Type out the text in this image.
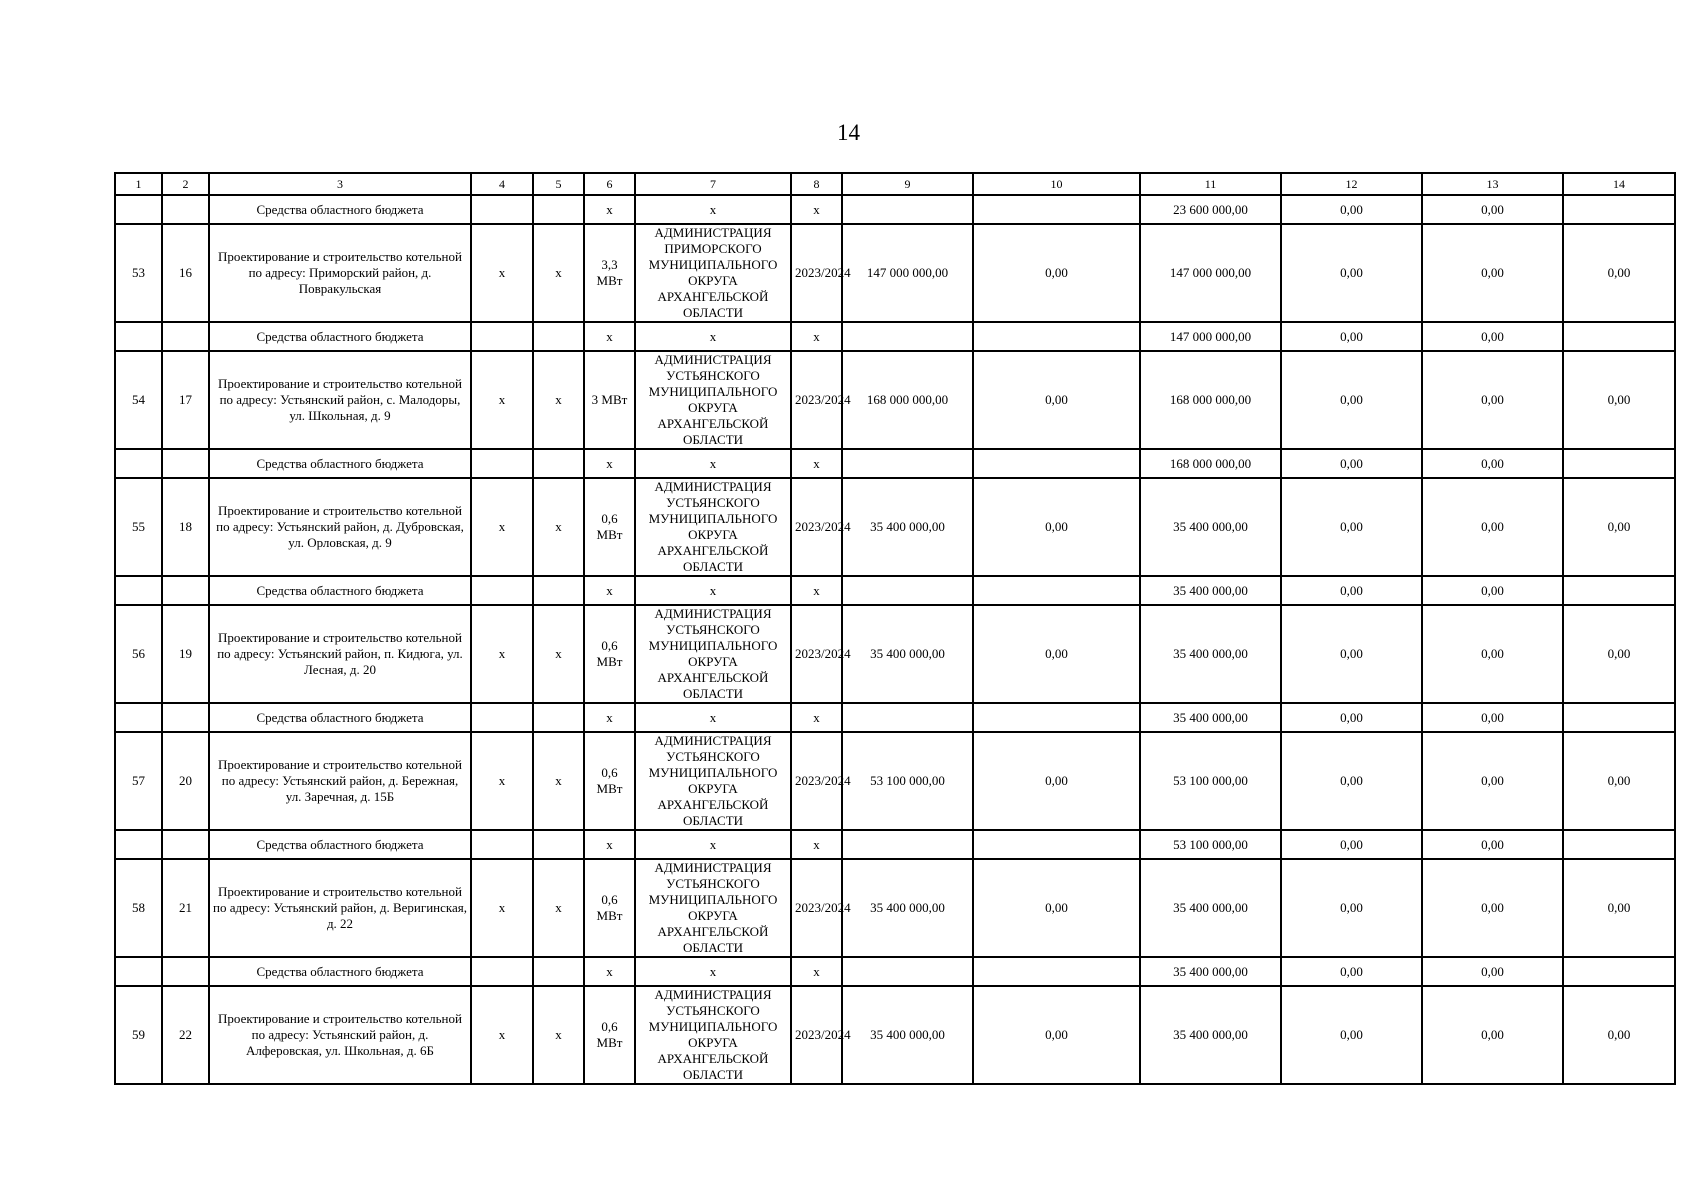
14
1	2	3	4	5	6	7	8	9	10	11	12	13	14
		Средства областного бюджета			x	x	x			23 600 000,00	0,00	0,00	
53	16	Проектирование и строительство котельной по адресу: Приморский район, д. Повракульская	x	x	3,3 МВт	АДМИНИСТРАЦИЯ ПРИМОРСКОГО МУНИЦИПАЛЬНОГО ОКРУГА АРХАНГЕЛЬСКОЙ ОБЛАСТИ	2023/2024	147 000 000,00	0,00	147 000 000,00	0,00	0,00	0,00
		Средства областного бюджета			x	x	x			147 000 000,00	0,00	0,00	
54	17	Проектирование и строительство котельной по адресу: Устьянский район, с. Малодоры, ул. Школьная, д. 9	x	x	3 МВт	АДМИНИСТРАЦИЯ УСТЬЯНСКОГО МУНИЦИПАЛЬНОГО ОКРУГА АРХАНГЕЛЬСКОЙ ОБЛАСТИ	2023/2024	168 000 000,00	0,00	168 000 000,00	0,00	0,00	0,00
		Средства областного бюджета			x	x	x			168 000 000,00	0,00	0,00	
55	18	Проектирование и строительство котельной по адресу: Устьянский район, д. Дубровская, ул. Орловская, д. 9	x	x	0,6 МВт	АДМИНИСТРАЦИЯ УСТЬЯНСКОГО МУНИЦИПАЛЬНОГО ОКРУГА АРХАНГЕЛЬСКОЙ ОБЛАСТИ	2023/2024	35 400 000,00	0,00	35 400 000,00	0,00	0,00	0,00
		Средства областного бюджета			x	x	x			35 400 000,00	0,00	0,00	
56	19	Проектирование и строительство котельной по адресу: Устьянский район, п. Кидюга, ул. Лесная, д. 20	x	x	0,6 МВт	АДМИНИСТРАЦИЯ УСТЬЯНСКОГО МУНИЦИПАЛЬНОГО ОКРУГА АРХАНГЕЛЬСКОЙ ОБЛАСТИ	2023/2024	35 400 000,00	0,00	35 400 000,00	0,00	0,00	0,00
		Средства областного бюджета			x	x	x			35 400 000,00	0,00	0,00	
57	20	Проектирование и строительство котельной по адресу: Устьянский район, д. Бережная, ул. Заречная, д. 15Б	x	x	0,6 МВт	АДМИНИСТРАЦИЯ УСТЬЯНСКОГО МУНИЦИПАЛЬНОГО ОКРУГА АРХАНГЕЛЬСКОЙ ОБЛАСТИ	2023/2024	53 100 000,00	0,00	53 100 000,00	0,00	0,00	0,00
		Средства областного бюджета			x	x	x			53 100 000,00	0,00	0,00	
58	21	Проектирование и строительство котельной по адресу: Устьянский район, д. Веригинская, д. 22	x	x	0,6 МВт	АДМИНИСТРАЦИЯ УСТЬЯНСКОГО МУНИЦИПАЛЬНОГО ОКРУГА АРХАНГЕЛЬСКОЙ ОБЛАСТИ	2023/2024	35 400 000,00	0,00	35 400 000,00	0,00	0,00	0,00
		Средства областного бюджета			x	x	x			35 400 000,00	0,00	0,00	
59	22	Проектирование и строительство котельной по адресу: Устьянский район, д. Алферовская, ул. Школьная, д. 6Б	x	x	0,6 МВт	АДМИНИСТРАЦИЯ УСТЬЯНСКОГО МУНИЦИПАЛЬНОГО ОКРУГА АРХАНГЕЛЬСКОЙ ОБЛАСТИ	2023/2024	35 400 000,00	0,00	35 400 000,00	0,00	0,00	0,00
